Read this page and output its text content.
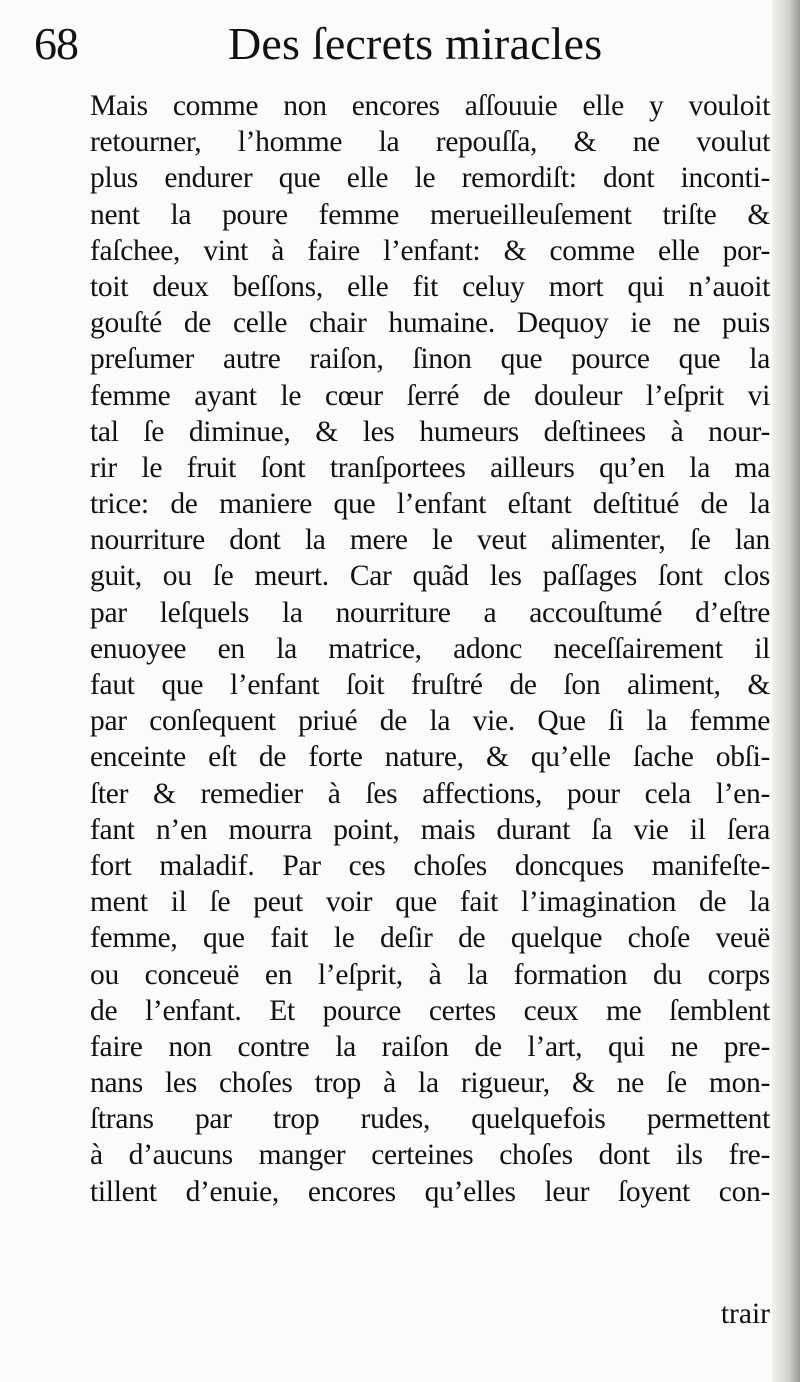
68	Des ſecrets miracles
Mais comme non encores aſſouuie elle y vouloit
retourner, l’homme la repouſſa, & ne voulut
plus endurer que elle le remordiſt: dont inconti-
nent la poure femme merueilleuſement triſte &
faſchee, vint à faire l’enfant: & comme elle por-
toit deux beſſons, elle fit celuy mort qui n’auoit
gouſté de celle chair humaine. Dequoy ie ne puis
preſumer autre raiſon, ſinon que pource que la
femme ayant le cœur ſerré de douleur l’eſprit vi
tal ſe diminue, & les humeurs deſtinees à nour-
rir le fruit ſont tranſportees ailleurs qu’en la ma
trice: de maniere que l’enfant eſtant deſtitué de la
nourriture dont la mere le veut alimenter, ſe lan
guit, ou ſe meurt. Car quãd les paſſages ſont clos
par leſquels la nourriture a accouſtumé d’eſtre
enuoyee en la matrice, adonc neceſſairement il
faut que l’enfant ſoit fruſtré de ſon aliment, &
par conſequent priué de la vie. Que ſi la femme
enceinte eſt de forte nature, & qu’elle ſache obſi-
ſter & remedier à ſes affections, pour cela l’en-
fant n’en mourra point, mais durant ſa vie il ſera
fort maladif. Par ces choſes doncques manifeſte-
ment il ſe peut voir que fait l’imagination de la
femme, que fait le deſir de quelque choſe veuë
ou conceuë en l’eſprit, à la formation du corps
de l’enfant. Et pource certes ceux me ſemblent
faire non contre la raiſon de l’art, qui ne pre-
nans les choſes trop à la rigueur, & ne ſe mon-
ſtrans par trop rudes, quelquefois permettent
à d’aucuns manger certeines choſes dont ils fre-
tillent d’enuie, encores qu’elles leur ſoyent con-
trair
